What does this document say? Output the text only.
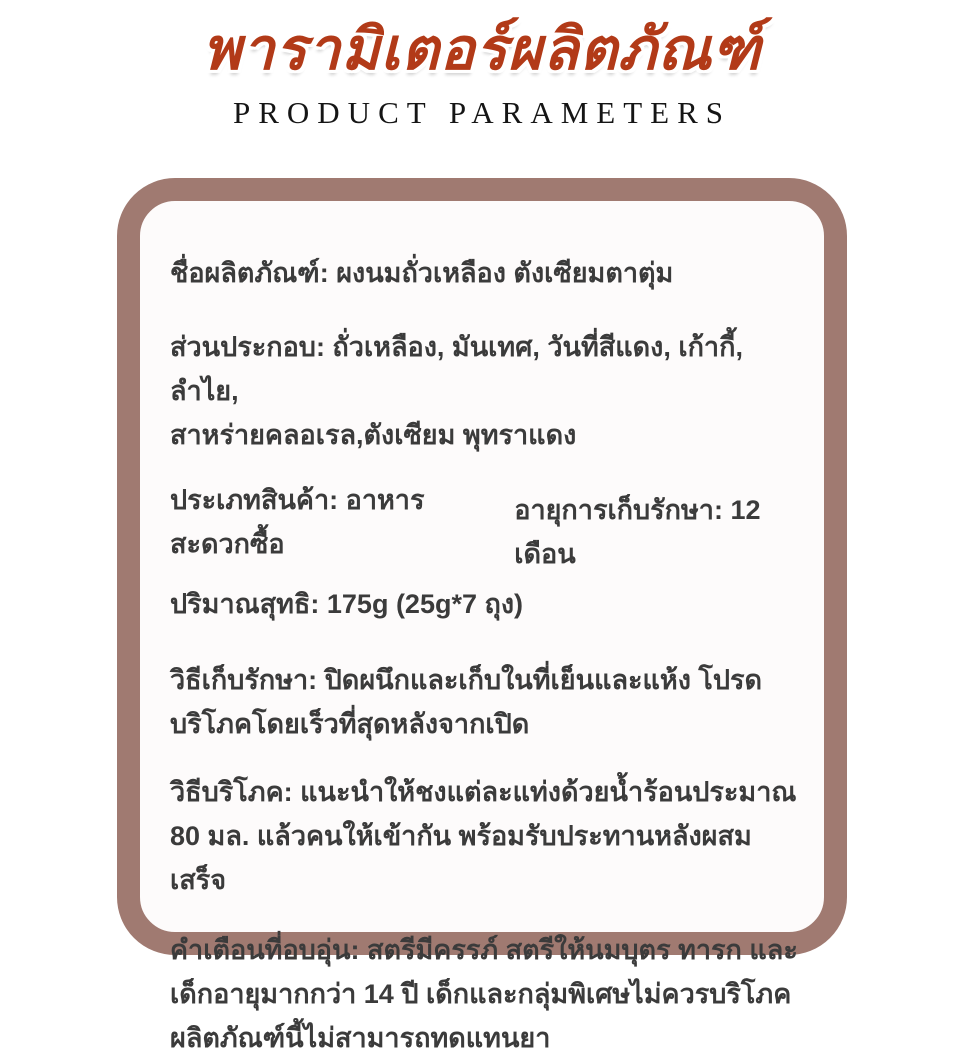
พารามิเตอร์ผลิตภัณฑ์
PRODUCT PARAMETERS

ชื่อผลิตภัณฑ์: ผงนมถั่วเหลือง ตังเซียมตาตุ่ม

ส่วนประกอบ: ถั่วเหลือง, มันเทศ, วันที่สีแดง, เก้ากี้, ลำไย,

สาหร่ายคลอเรล,ตังเซียม พุทราแดง

ประเภทสินค้า: อาหารสะดวกซื้อ

อายุการเก็บรักษา: 12 เดือน

ปริมาณสุทธิ: 175g (25g*7 ถุง)

วิธีเก็บรักษา: ปิดผนึกและเก็บในที่เย็นและแห้ง โปรด

บริโภคโดยเร็วที่สุดหลังจากเปิด

วิธีบริโภค: แนะนำให้ชงแต่ละแท่งด้วยน้ำร้อนประมาณ

80 มล. แล้วคนให้เข้ากัน พร้อมรับประทานหลังผสมเสร็จ

คำเตือนที่อบอุ่น: สตรีมีครรภ์ สตรีให้นมบุตร ทารก และ

เด็กอายุมากกว่า 14 ปี เด็กและกลุ่มพิเศษไม่ควรบริโภค

ผลิตภัณฑ์นี้ไม่สามารถทดแทนยา
